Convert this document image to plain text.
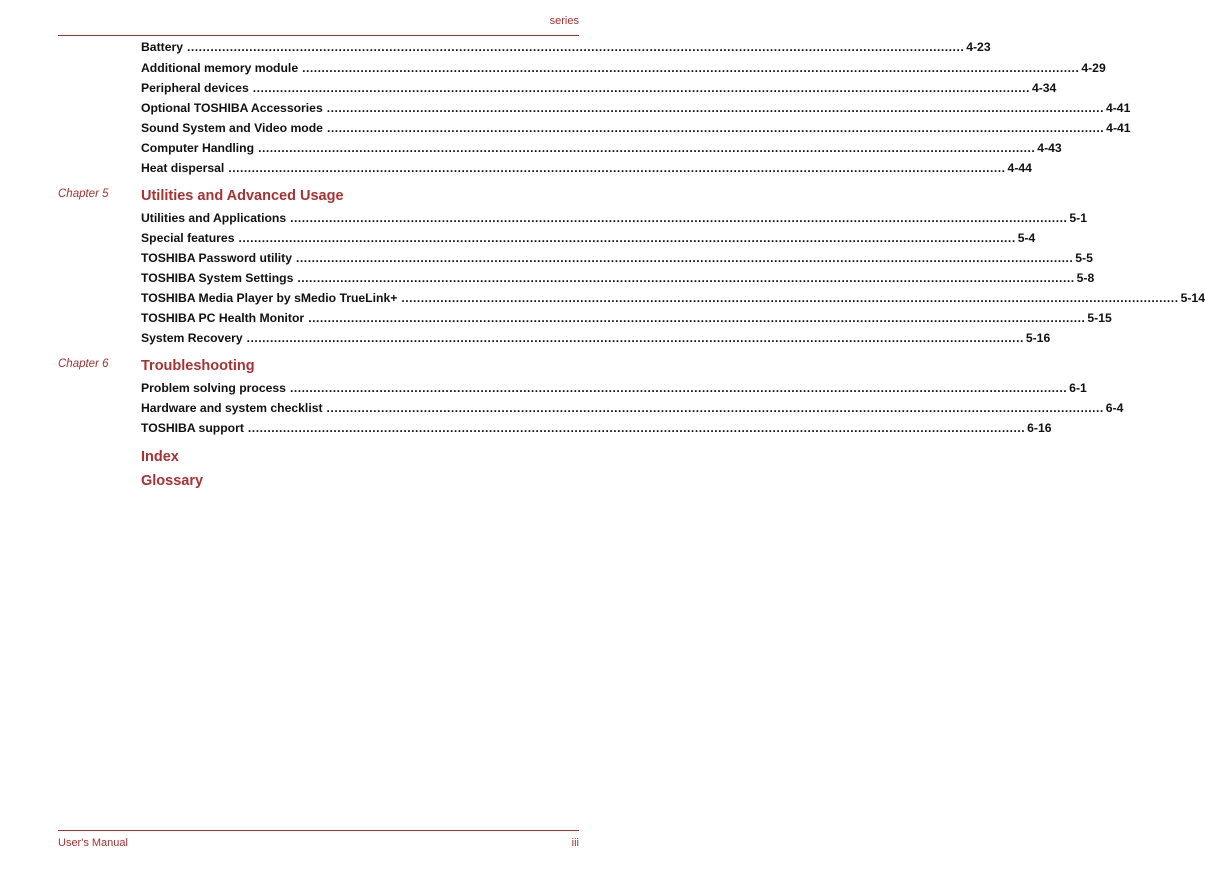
series
Battery ........................................................................................................................................................................................................ 4-23
Additional memory module ........................................................................................................................................................................................................ 4-29
Peripheral devices ........................................................................................................................................................................................................ 4-34
Optional TOSHIBA Accessories ........................................................................................................................................................................................................ 4-41
Sound System and Video mode ........................................................................................................................................................................................................ 4-41
Computer Handling ........................................................................................................................................................................................................ 4-43
Heat dispersal ........................................................................................................................................................................................................ 4-44
Chapter 5 Utilities and Advanced Usage
Utilities and Applications ........................................................................................................................................................................................................ 5-1
Special features ........................................................................................................................................................................................................ 5-4
TOSHIBA Password utility ........................................................................................................................................................................................................ 5-5
TOSHIBA System Settings ........................................................................................................................................................................................................ 5-8
TOSHIBA Media Player by sMedio TrueLink+ ........................................................................................................................................................................................................ 5-14
TOSHIBA PC Health Monitor ........................................................................................................................................................................................................ 5-15
System Recovery ........................................................................................................................................................................................................ 5-16
Chapter 6 Troubleshooting
Problem solving process ........................................................................................................................................................................................................ 6-1
Hardware and system checklist ........................................................................................................................................................................................................ 6-4
TOSHIBA support ........................................................................................................................................................................................................ 6-16
Index
Glossary
User's Manual	iii
